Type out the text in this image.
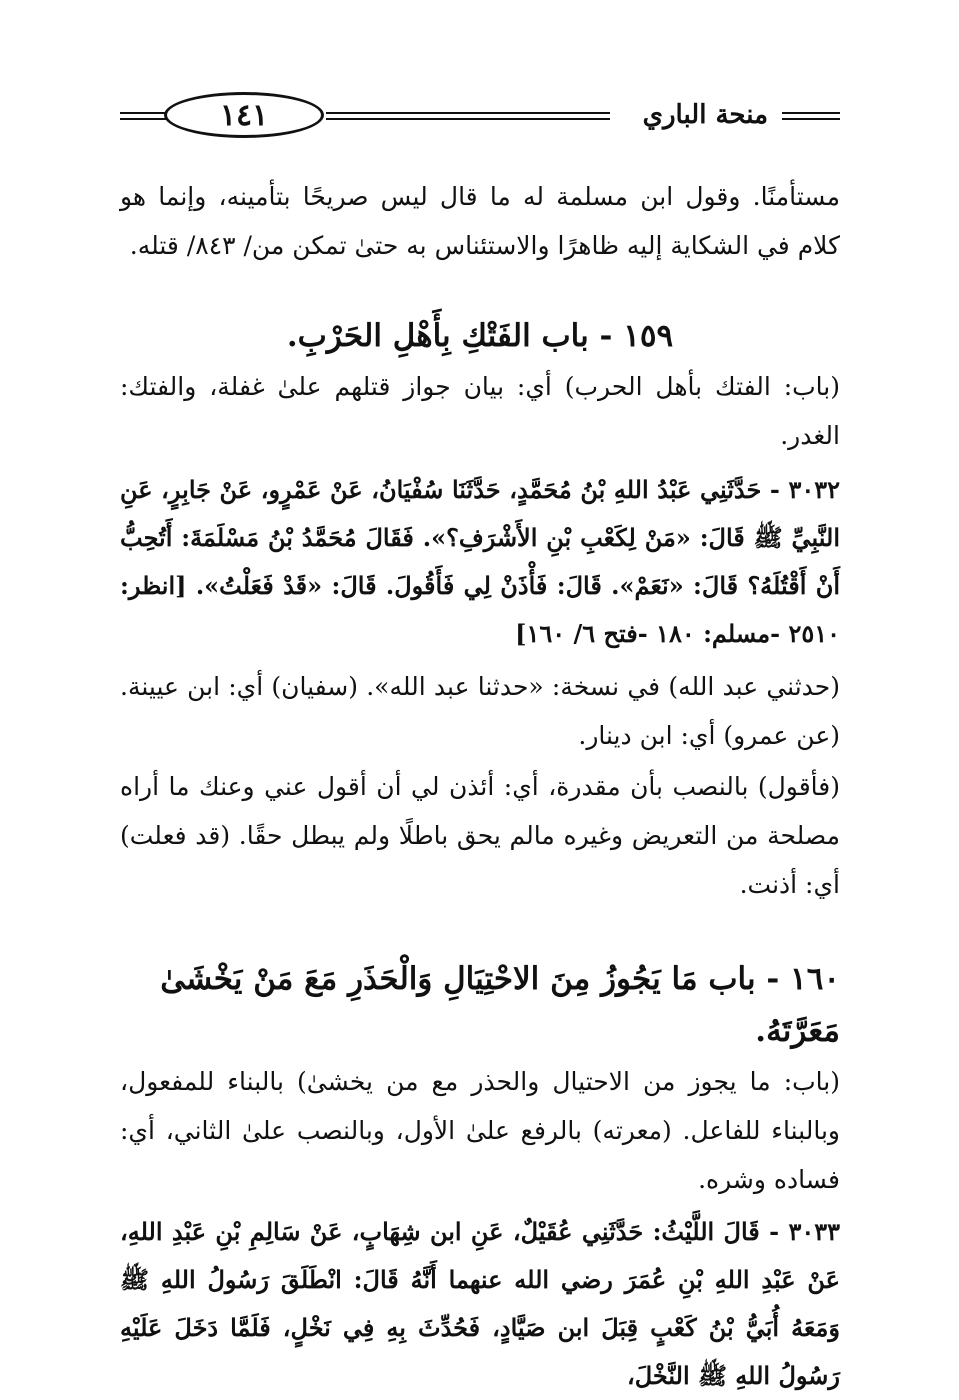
١٤١	منحة الباري

مستأمنًا. وقول ابن مسلمة له ما قال ليس صريحًا بتأمينه، وإنما هو كلام في الشكاية إليه ظاهرًا والاستئناس به حتىٰ تمكن من/ ٨٤٣/ قتله.

١٥٩ - باب الفَتْكِ بِأَهْلِ الحَرْبِ.

(باب: الفتك بأهل الحرب) أي: بيان جواز قتلهم علىٰ غفلة، والفتك: الغدر.

٣٠٣٢ - حَدَّثَنِي عَبْدُ اللهِ بْنُ مُحَمَّدٍ، حَدَّثَنَا سُفْيَانُ، عَنْ عَمْرٍو، عَنْ جَابِرٍ، عَنِ النَّبِيِّ ﷺ قَالَ: «مَنْ لِكَعْبِ بْنِ الأَشْرَفِ؟». فَقَالَ مُحَمَّدُ بْنُ مَسْلَمَةَ: أَتُحِبُّ أَنْ أَقْتُلَهُ؟ قَالَ: «نَعَمْ». قَالَ: فَأْذَنْ لِي فَأَقُولَ. قَالَ: «قَدْ فَعَلْتُ». [انظر: ٢٥١٠ -مسلم: ١٨٠ -فتح ٦/ ١٦٠]

(حدثني عبد الله) في نسخة: «حدثنا عبد الله». (سفيان) أي: ابن عيينة. (عن عمرو) أي: ابن دينار.

(فأقول) بالنصب بأن مقدرة، أي: أئذن لي أن أقول عني وعنك ما أراه مصلحة من التعريض وغيره مالم يحق باطلًا ولم يبطل حقًا. (قد فعلت) أي: أذنت.

١٦٠ - باب مَا يَجُوزُ مِنَ الاحْتِيَالِ وَالْحَذَرِ مَعَ مَنْ يَخْشَىٰ مَعَرَّتَهُ.

(باب: ما يجوز من الاحتيال والحذر مع من يخشىٰ) بالبناء للمفعول، وبالبناء للفاعل. (معرته) بالرفع علىٰ الأول، وبالنصب علىٰ الثاني، أي: فساده وشره.

٣٠٣٣ - قَالَ اللَّيْثُ: حَدَّثَنِي عُقَيْلٌ، عَنِ ابن شِهَابٍ، عَنْ سَالِمِ بْنِ عَبْدِ اللهِ، عَنْ عَبْدِ اللهِ بْنِ عُمَرَ رضي الله عنهما أَنَّهُ قَالَ: انْطَلَقَ رَسُولُ اللهِ ﷺ وَمَعَهُ أُبَيُّ بْنُ كَعْبٍ قِبَلَ ابن صَيَّادٍ، فَحُدِّثَ بِهِ فِي نَخْلٍ، فَلَمَّا دَخَلَ عَلَيْهِ رَسُولُ اللهِ ﷺ النَّخْلَ،
